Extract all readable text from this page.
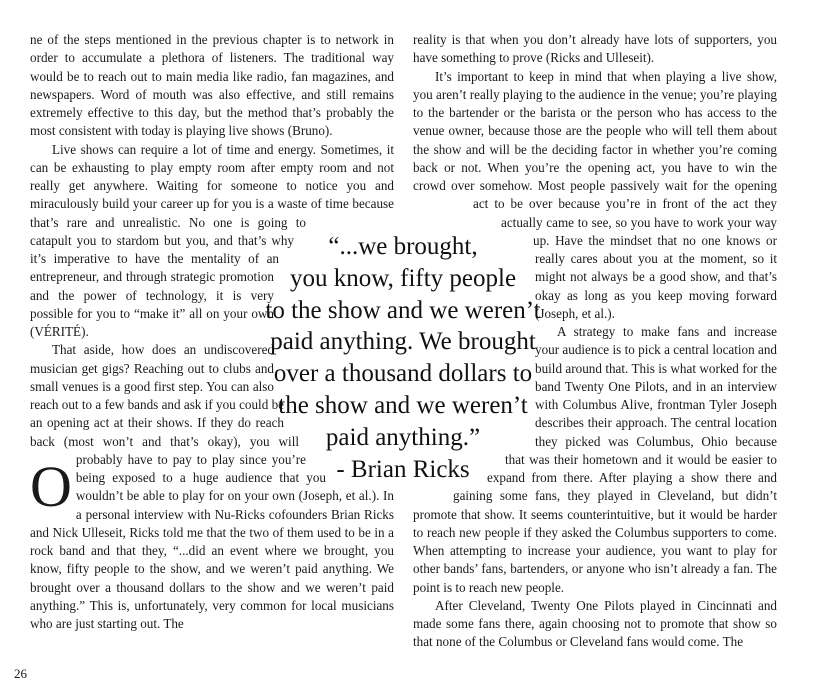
O
ne of the steps mentioned in the previous chapter is to network in order to accumulate a plethora of listeners. The traditional way would be to reach out to main media like radio, fan magazines, and newspapers. Word of mouth was also effective, and still remains extremely effective to this day, but the method that’s probably the most consistent with today is playing live shows (Bruno).

Live shows can require a lot of time and energy. Sometimes, it can be exhausting to play empty room after empty room and not really get anywhere. Waiting for someone to notice you and miraculously build your career up for you is a waste of time because that’s rare and unrealistic. No one is going to catapult you to stardom but you, and that’s why it’s imperative to have the mentality of an entrepreneur, and through strategic promotion and the power of technology, it is very possible for you to “make it” all on your own (VÉRITÉ).

That aside, how does an undiscovered musician get gigs? Reaching out to clubs and small venues is a good first step. You can also reach out to a few bands and ask if you could be an opening act at their shows. If they do reach back (most won’t and that’s okay), you will probably have to pay to play since you’re being exposed to a huge audience that you wouldn’t be able to play for on your own (Joseph, et al.). In a personal interview with Nu-Ricks cofounders Brian Ricks and Nick Ulleseit, Ricks told me that the two of them used to be in a rock band and that they, “...did an event where we brought, you know, fifty people to the show, and we weren’t paid anything. We brought over a thousand dollars to the show and we weren’t paid anything.” This is, unfortunately, very common for local musicians who are just starting out. The

reality is that when you don’t already have lots of supporters, you have something to prove (Ricks and Ulleseit).

It’s important to keep in mind that when playing a live show, you aren’t really playing to the audience in the venue; you’re playing to the bartender or the barista or the person who has access to the venue owner, because those are the people who will tell them about the show and will be the deciding factor in whether you’re coming back or not. When you’re the opening act, you have to win the crowd over somehow. Most people passively wait for the opening act to be over because you’re in front of the act they actually came to see, so you have to work your way up. Have the mindset that no one knows or really cares about you at the moment, so it might not always be a good show, and that’s okay as long as you keep moving forward (Joseph, et al.).

A strategy to make fans and increase your audience is to pick a central location and build around that. This is what worked for the band Twenty One Pilots, and in an interview with Columbus Alive, frontman Tyler Joseph describes their approach. The central location they picked was Columbus, Ohio because that was their hometown and it would be easier to expand from there. After playing a show there and gaining some fans, they played in Cleveland, but didn’t promote that show. It seems counterintuitive, but it would be harder to reach new people if they asked the Columbus supporters to come. When attempting to increase your audience, you want to play for other bands’ fans, bartenders, or anyone who isn’t already a fan. The point is to reach new people.

After Cleveland, Twenty One Pilots played in Cincinnati and made some fans there, again choosing not to promote that show so that none of the Columbus or Cleveland fans would come. The

“...we brought,
you know, fifty people
to the show and we weren’t
paid anything. We brought
over a thousand dollars to
the show and we weren’t
paid anything.”
- Brian Ricks
26
